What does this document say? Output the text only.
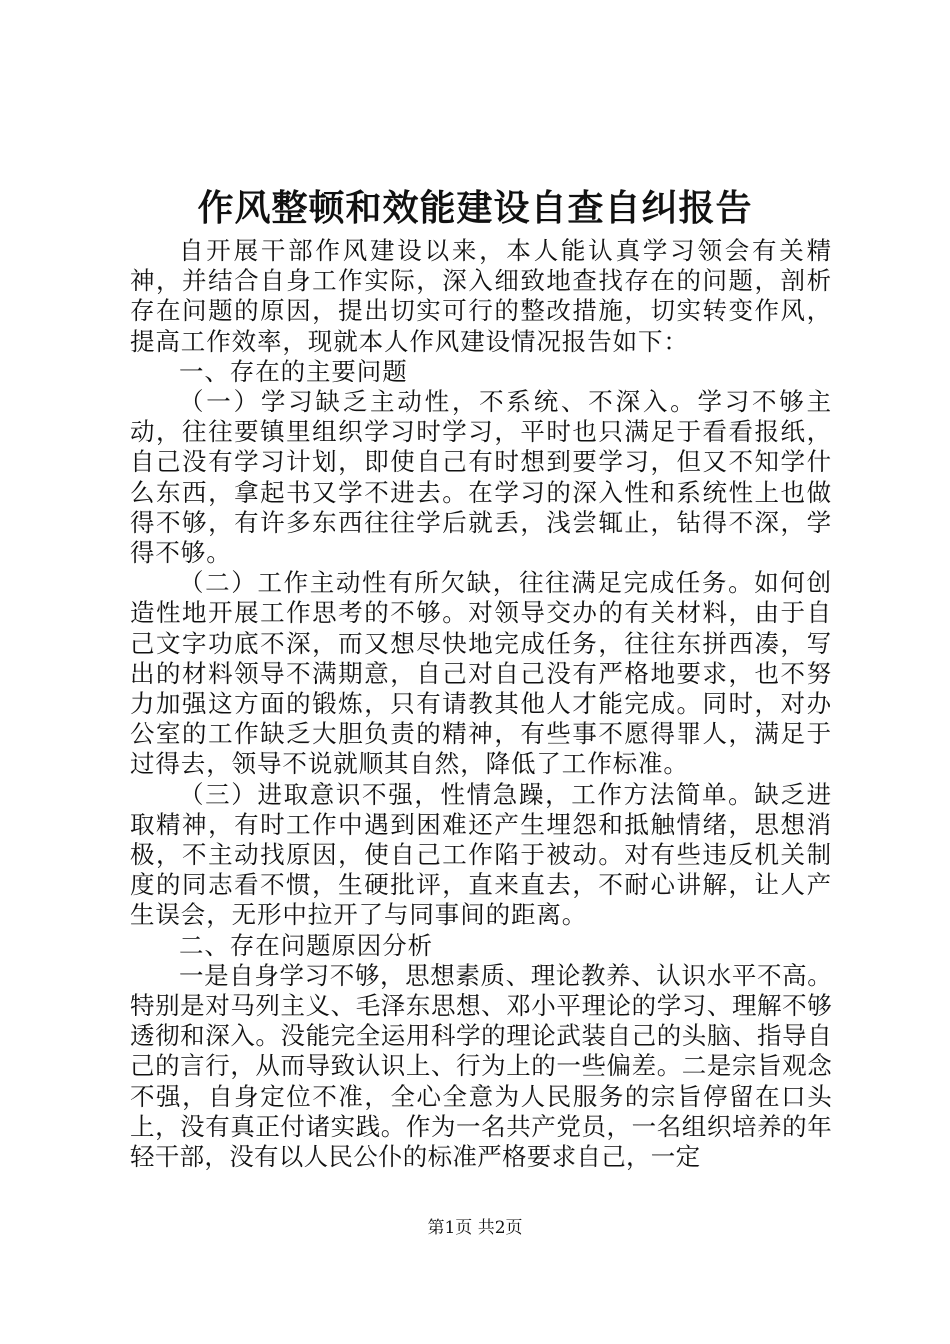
作风整顿和效能建设自查自纠报告

自开展干部作风建设以来，本人能认真学习领会有关精神，并结合自身工作实际，深入细致地查找存在的问题，剖析存在问题的原因，提出切实可行的整改措施，切实转变作风，提高工作效率，现就本人作风建设情况报告如下：

一、存在的主要问题

（一）学习缺乏主动性，不系统、不深入。学习不够主动，往往要镇里组织学习时学习，平时也只满足于看看报纸，自己没有学习计划，即使自己有时想到要学习，但又不知学什么东西，拿起书又学不进去。在学习的深入性和系统性上也做得不够，有许多东西往往学后就丢，浅尝辄止，钻得不深，学得不够。

（二）工作主动性有所欠缺，往往满足完成任务。如何创造性地开展工作思考的不够。对领导交办的有关材料，由于自己文字功底不深，而又想尽快地完成任务，往往东拼西凑，写出的材料领导不满期意，自己对自己没有严格地要求，也不努力加强这方面的锻炼，只有请教其他人才能完成。同时，对办公室的工作缺乏大胆负责的精神，有些事不愿得罪人，满足于过得去，领导不说就顺其自然，降低了工作标准。

（三）进取意识不强，性情急躁，工作方法简单。缺乏进取精神，有时工作中遇到困难还产生埋怨和抵触情绪，思想消极，不主动找原因，使自己工作陷于被动。对有些违反机关制度的同志看不惯，生硬批评，直来直去，不耐心讲解，让人产生误会，无形中拉开了与同事间的距离。

二、存在问题原因分析

一是自身学习不够，思想素质、理论教养、认识水平不高。特别是对马列主义、毛泽东思想、邓小平理论的学习、理解不够透彻和深入。没能完全运用科学的理论武装自己的头脑、指导自己的言行，从而导致认识上、行为上的一些偏差。二是宗旨观念不强，自身定位不准，全心全意为人民服务的宗旨停留在口头上，没有真正付诸实践。作为一名共产党员，一名组织培养的年轻干部，没有以人民公仆的标准严格要求自己，一定

第1页 共2页
